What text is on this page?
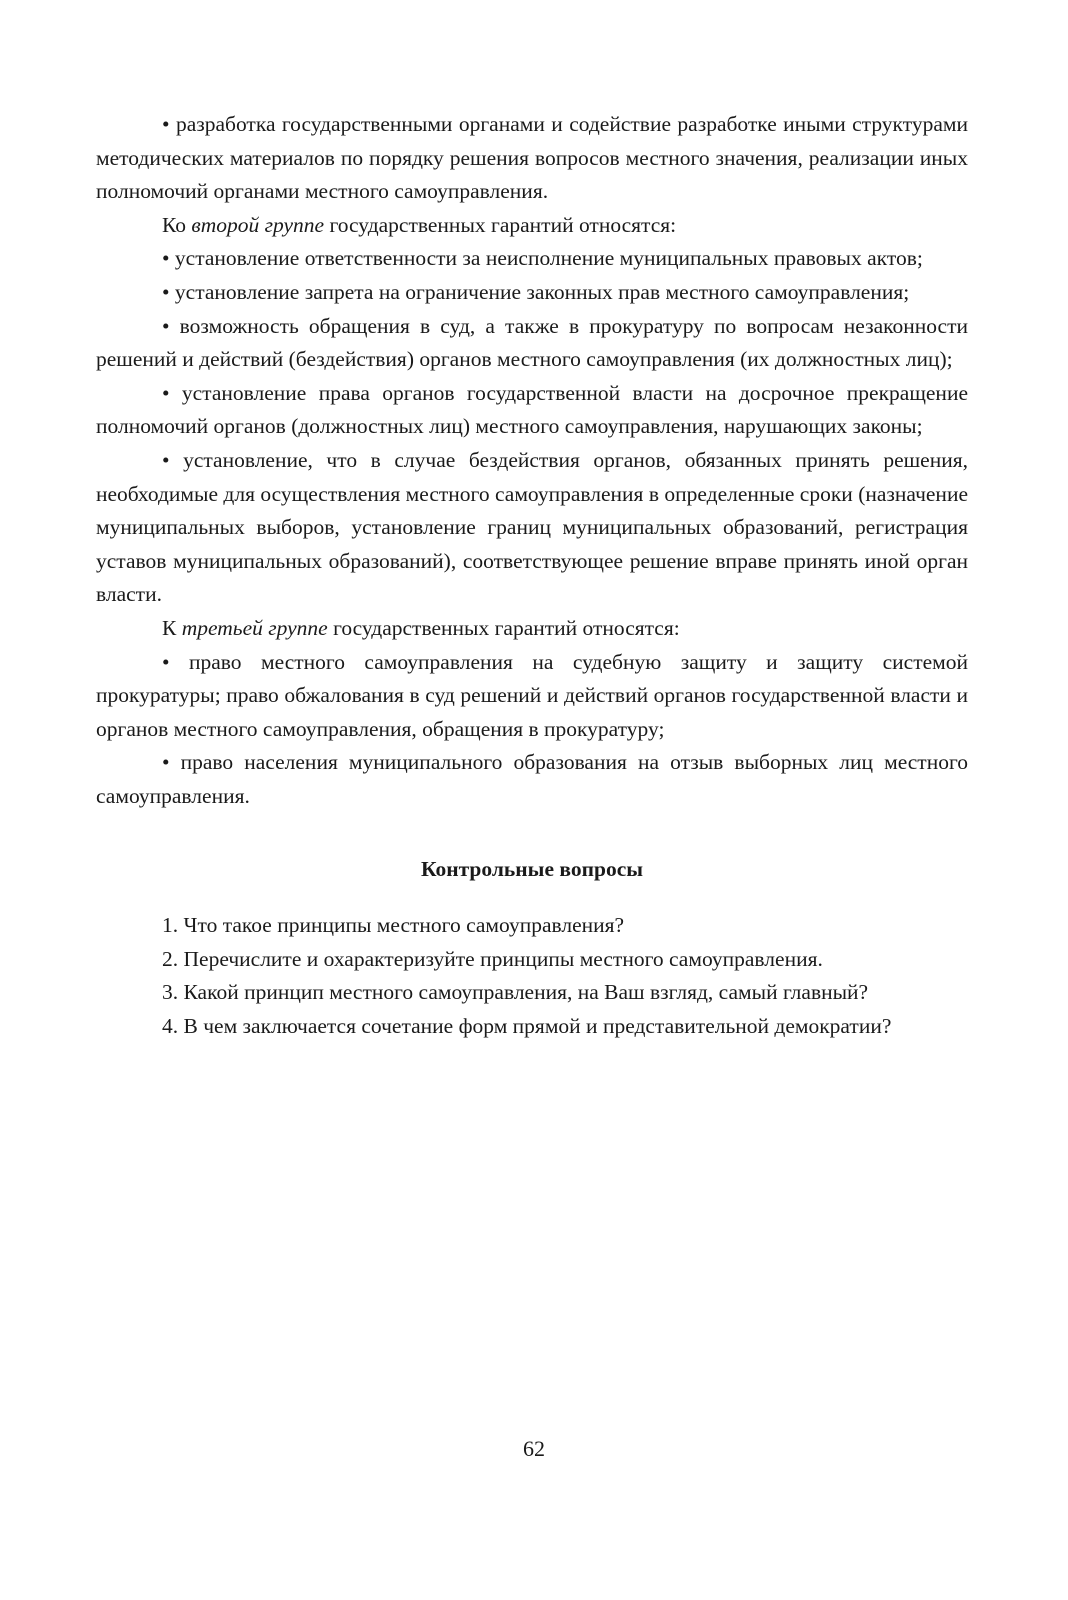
• разработка государственными органами и содействие разработке иными структурами методических материалов по порядку решения вопросов местного значения, реализации иных полномочий органами местного самоуправления.

Ко второй группе государственных гарантий относятся:

• установление ответственности за неисполнение муниципальных правовых актов;

• установление запрета на ограничение законных прав местного самоуправления;

• возможность обращения в суд, а также в прокуратуру по вопросам незаконности решений и действий (бездействия) органов местного самоуправления (их должностных лиц);

• установление права органов государственной власти на досрочное прекращение полномочий органов (должностных лиц) местного самоуправления, нарушающих законы;

• установление, что в случае бездействия органов, обязанных принять решения, необходимые для осуществления местного самоуправления в определенные сроки (назначение муниципальных выборов, установление границ муниципальных образований, регистрация уставов муниципальных образований), соответствующее решение вправе принять иной орган власти.

К третьей группе государственных гарантий относятся:

• право местного самоуправления на судебную защиту и защиту системой прокуратуры; право обжалования в суд решений и действий органов государственной власти и органов местного самоуправления, обращения в прокуратуру;

• право населения муниципального образования на отзыв выборных лиц местного самоуправления.

Контрольные вопросы

1. Что такое принципы местного самоуправления?

2. Перечислите и охарактеризуйте принципы местного самоуправления.

3. Какой принцип местного самоуправления, на Ваш взгляд, самый главный?

4. В чем заключается сочетание форм прямой и представительной демократии?

62
